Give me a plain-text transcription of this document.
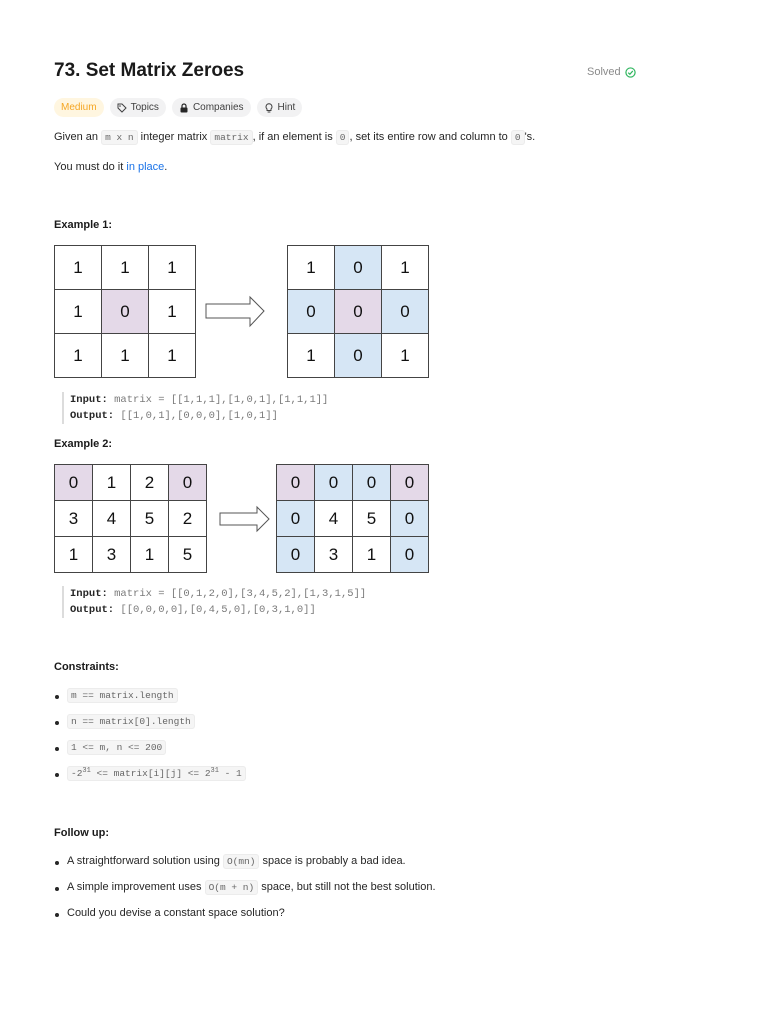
73. Set Matrix Zeroes	Solved
Medium	Topics	Companies	Hint
Given an m x n integer matrix matrix , if an element is 0 , set its entire row and column to 0 's.
You must do it in place.
Example 1:
1	1	1
1	0	1
1	1	1
1	0	1
0	0	0
1	0	1
Input: matrix = [[1,1,1],[1,0,1],[1,1,1]]
Output: [[1,0,1],[0,0,0],[1,0,1]]
Example 2:
0	1	2	0
3	4	5	2
1	3	1	5
0	0	0	0
0	4	5	0
0	3	1	0
Input: matrix = [[0,1,2,0],[3,4,5,2],[1,3,1,5]]
Output: [[0,0,0,0],[0,4,5,0],[0,3,1,0]]
Constraints:
m == matrix.length
n == matrix[0].length
1 <= m, n <= 200
$-2^{31}$ <= matrix[i][j] <= $2^{31} - 1$
Follow up:
A straightforward solution using O(mn) space is probably a bad idea.
A simple improvement uses O(m + n) space, but still not the best solution.
Could you devise a constant space solution?
